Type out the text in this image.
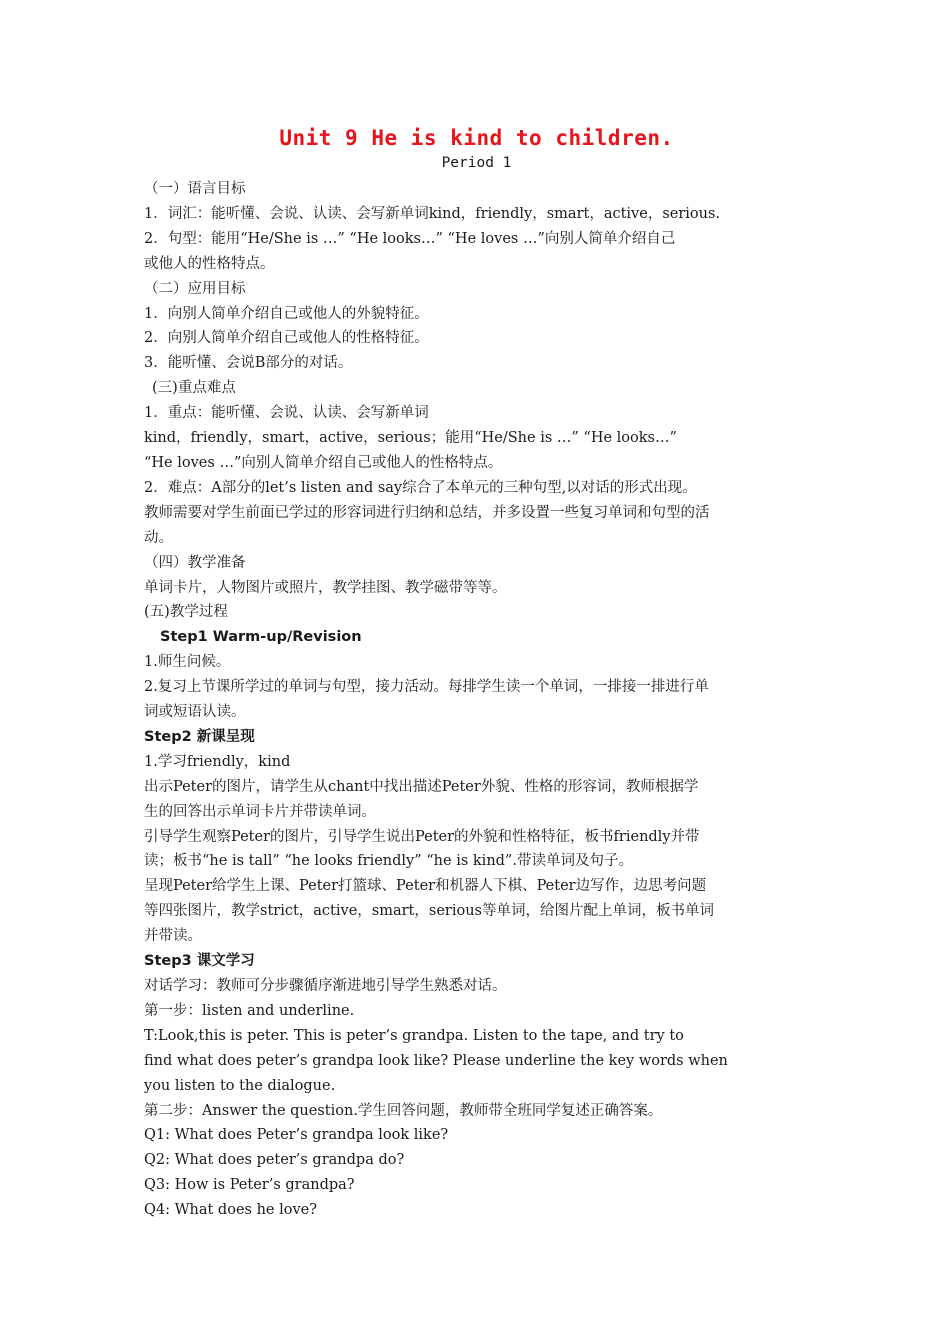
Unit 9 He is kind to children.

Period 1

（一）语言目标

1．词汇：能听懂、会说、认读、会写新单词kind，friendly，smart，active，serious.

2．句型：能用“He/She is …” “He looks…” “He loves …”向别人简单介绍自己

或他人的性格特点。

（二）应用目标

1．向别人简单介绍自己或他人的外貌特征。

2．向别人简单介绍自己或他人的性格特征。

3．能听懂、会说B部分的对话。

(三)重点难点

1．重点：能听懂、会说、认读、会写新单词

kind，friendly，smart，active，serious；能用“He/She is …” “He looks…”

“He loves …”向别人简单介绍自己或他人的性格特点。

2．难点：A部分的let’s listen and say综合了本单元的三种句型,以对话的形式出现。

教师需要对学生前面已学过的形容词进行归纳和总结，并多设置一些复习单词和句型的活

动。

（四）教学准备

单词卡片，人物图片或照片，教学挂图、教学磁带等等。

(五)教学过程

Step1 Warm-up/Revision

1.师生问候。

2.复习上节课所学过的单词与句型，接力活动。每排学生读一个单词，一排接一排进行单

词或短语认读。

Step2 新课呈现

1.学习friendly，kind

出示Peter的图片，请学生从chant中找出描述Peter外貌、性格的形容词，教师根据学

生的回答出示单词卡片并带读单词。

引导学生观察Peter的图片，引导学生说出Peter的外貌和性格特征，板书friendly并带

读；板书“he is tall” “he looks friendly” “he is kind”.带读单词及句子。

呈现Peter给学生上课、Peter打篮球、Peter和机器人下棋、Peter边写作，边思考问题

等四张图片，教学strict，active，smart，serious等单词，给图片配上单词，板书单词

并带读。

Step3 课文学习

对话学习：教师可分步骤循序渐进地引导学生熟悉对话。

第一步：listen and underline.

T:Look,this is peter. This is peter’s grandpa. Listen to the tape, and try to

find what does peter’s grandpa look like? Please underline the key words when

you listen to the dialogue.

第二步：Answer the question.学生回答问题，教师带全班同学复述正确答案。

Q1: What does Peter’s grandpa look like?

Q2: What does peter’s grandpa do?

Q3: How is Peter’s grandpa?

Q4: What does he love?
